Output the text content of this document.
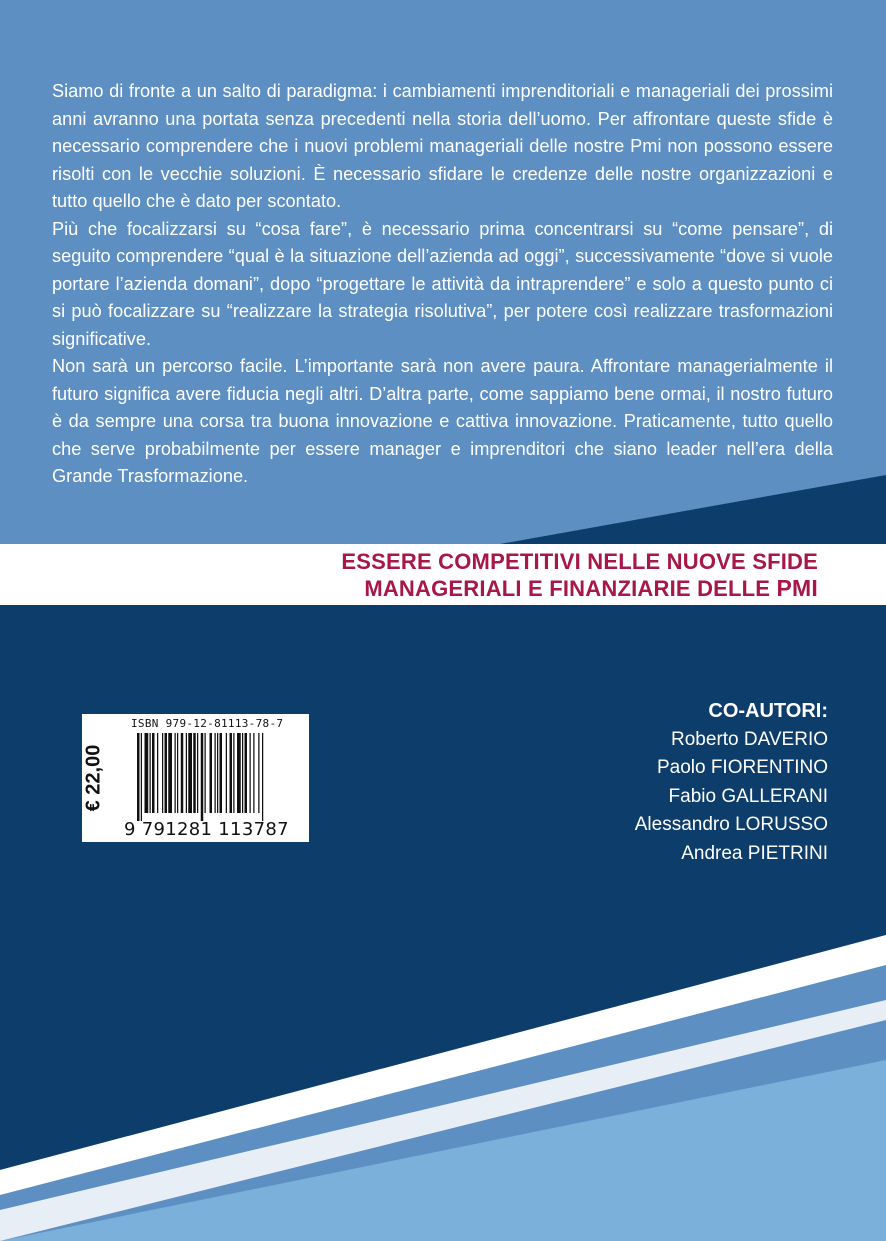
Siamo di fronte a un salto di paradigma: i cambiamenti imprenditoriali e manageriali dei prossimi anni avranno una portata senza precedenti nella storia dell’uomo. Per affrontare queste sfide è necessario comprendere che i nuovi problemi manageriali delle nostre Pmi non possono essere risolti con le vecchie soluzioni. È necessario sfidare le credenze delle nostre organizzazioni e tutto quello che è dato per scontato.

Più che focalizzarsi su “cosa fare”, è necessario prima concentrarsi su “come pensare”, di seguito comprendere “qual è la situazione dell’azienda ad oggi”, successivamente “dove si vuole portare l’azienda domani”, dopo “progettare le attività da intraprendere” e solo a questo punto ci si può focalizzare su “realizzare la strategia risolutiva”, per potere così realizzare trasformazioni significative.

Non sarà un percorso facile. L’importante sarà non avere paura. Affrontare managerialmente il futuro significa avere fiducia negli altri. D’altra parte, come sappiamo bene ormai, il nostro futuro è da sempre una corsa tra buona innovazione e cattiva innovazione. Praticamente, tutto quello che serve probabilmente per essere manager e imprenditori che siano leader nell’era della Grande Trasformazione.

ESSERE COMPETITIVI NELLE NUOVE SFIDE
MANAGERIALI E FINANZIARIE DELLE PMI
CO-AUTORI:
Roberto DAVERIO
Paolo FIORENTINO
Fabio GALLERANI
Alessandro LORUSSO
Andrea PIETRINI
€ 22,00
ISBN 979-12-81113-78-7
9 791281 113787
